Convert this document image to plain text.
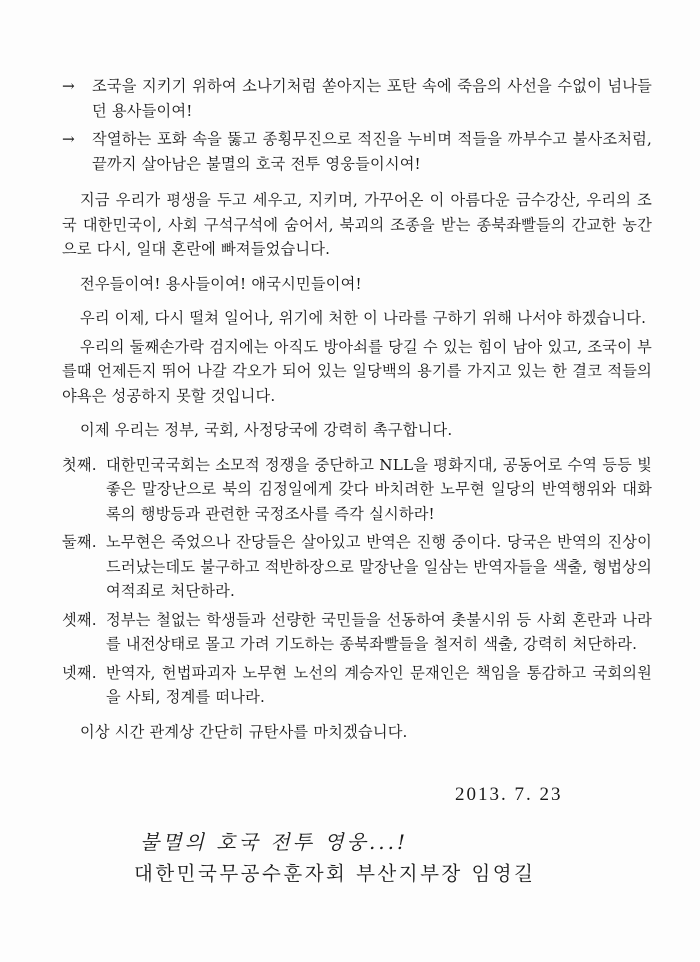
→	조국을 지키기 위하여 소나기처럼 쏟아지는 포탄 속에 죽음의 사선을 수없이 넘나들던 용사들이여!
→	작열하는 포화 속을 뚫고 종횡무진으로 적진을 누비며 적들을 까부수고 불사조처럼, 끝까지 살아남은 불멸의 호국 전투 영웅들이시여!

지금 우리가 평생을 두고 세우고, 지키며, 가꾸어온 이 아름다운 금수강산, 우리의 조국 대한민국이, 사회 구석구석에 숨어서, 북괴의 조종을 받는 종북좌빨들의 간교한 농간으로 다시, 일대 혼란에 빠져들었습니다.

전우들이여! 용사들이여! 애국시민들이여!

우리 이제, 다시 떨쳐 일어나, 위기에 처한 이 나라를 구하기 위해 나서야 하겠습니다.

우리의 둘째손가락 검지에는 아직도 방아쇠를 당길 수 있는 힘이 남아 있고, 조국이 부를때 언제든지 뛰어 나갈 각오가 되어 있는 일당백의 용기를 가지고 있는 한 결코 적들의 야욕은 성공하지 못할 것입니다.

이제 우리는 정부, 국회, 사정당국에 강력히 촉구합니다.

첫째. 대한민국국회는 소모적 정쟁을 중단하고 NLL을 평화지대, 공동어로 수역 등등 빛 좋은 말장난으로 북의 김정일에게 갖다 바치려한 노무현 일당의 반역행위와 대화록의 행방등과 관련한 국정조사를 즉각 실시하라!
둘째. 노무현은 죽었으나 잔당들은 살아있고 반역은 진행 중이다. 당국은 반역의 진상이 드러났는데도 불구하고 적반하장으로 말장난을 일삼는 반역자들을 색출, 형법상의 여적죄로 처단하라.
셋째. 정부는 철없는 학생들과 선량한 국민들을 선동하여 촛불시위 등 사회 혼란과 나라를 내전상태로 몰고 가려 기도하는 종북좌빨들을 철저히 색출, 강력히 처단하라.
넷째. 반역자, 헌법파괴자 노무현 노선의 계승자인 문재인은 책임을 통감하고 국회의원을 사퇴, 정계를 떠나라.

이상 시간 관계상 간단히 규탄사를 마치겠습니다.

2013. 7. 23
불멸의 호국 전투 영웅...!
대한민국무공수훈자회 부산지부장 임영길
